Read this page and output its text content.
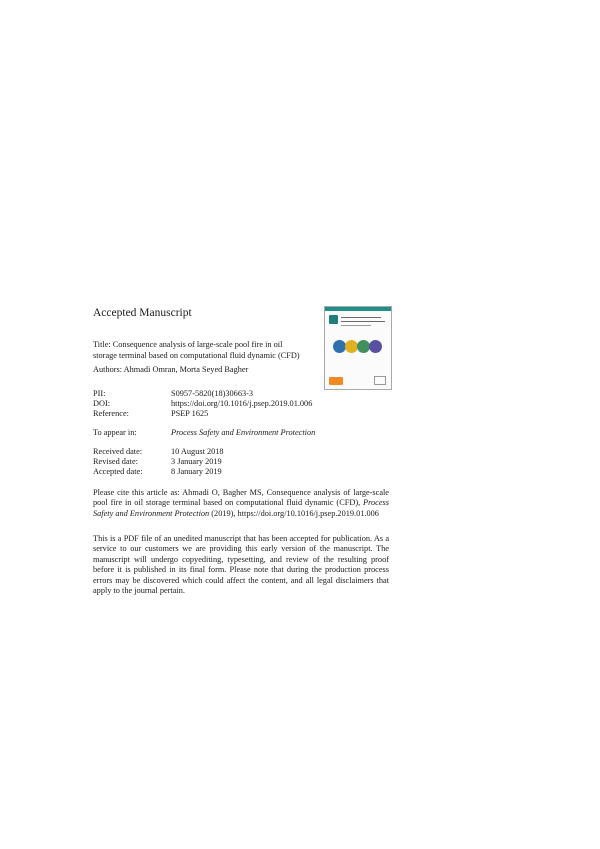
Accepted Manuscript
Title: Consequence analysis of large-scale pool fire in oil
storage terminal based on computational fluid dynamic (CFD)
Authors: Ahmadi Omran, Morta Seyed Bagher
PII:	S0957-5820(18)30663-3
DOI:	https://doi.org/10.1016/j.psep.2019.01.006
Reference:	PSEP 1625
To appear in:	Process Safety and Environment Protection
Received date:	10 August 2018
Revised date:	3 January 2019
Accepted date:	8 January 2019
Please cite this article as: Ahmadi O, Bagher MS, Consequence analysis of large-scale pool fire in oil storage terminal based on computational fluid dynamic (CFD), Process Safety and Environment Protection (2019), https://doi.org/10.1016/j.psep.2019.01.006
This is a PDF file of an unedited manuscript that has been accepted for publication. As a service to our customers we are providing this early version of the manuscript. The manuscript will undergo copyediting, typesetting, and review of the resulting proof before it is published in its final form. Please note that during the production process errors may be discovered which could affect the content, and all legal disclaimers that apply to the journal pertain.
